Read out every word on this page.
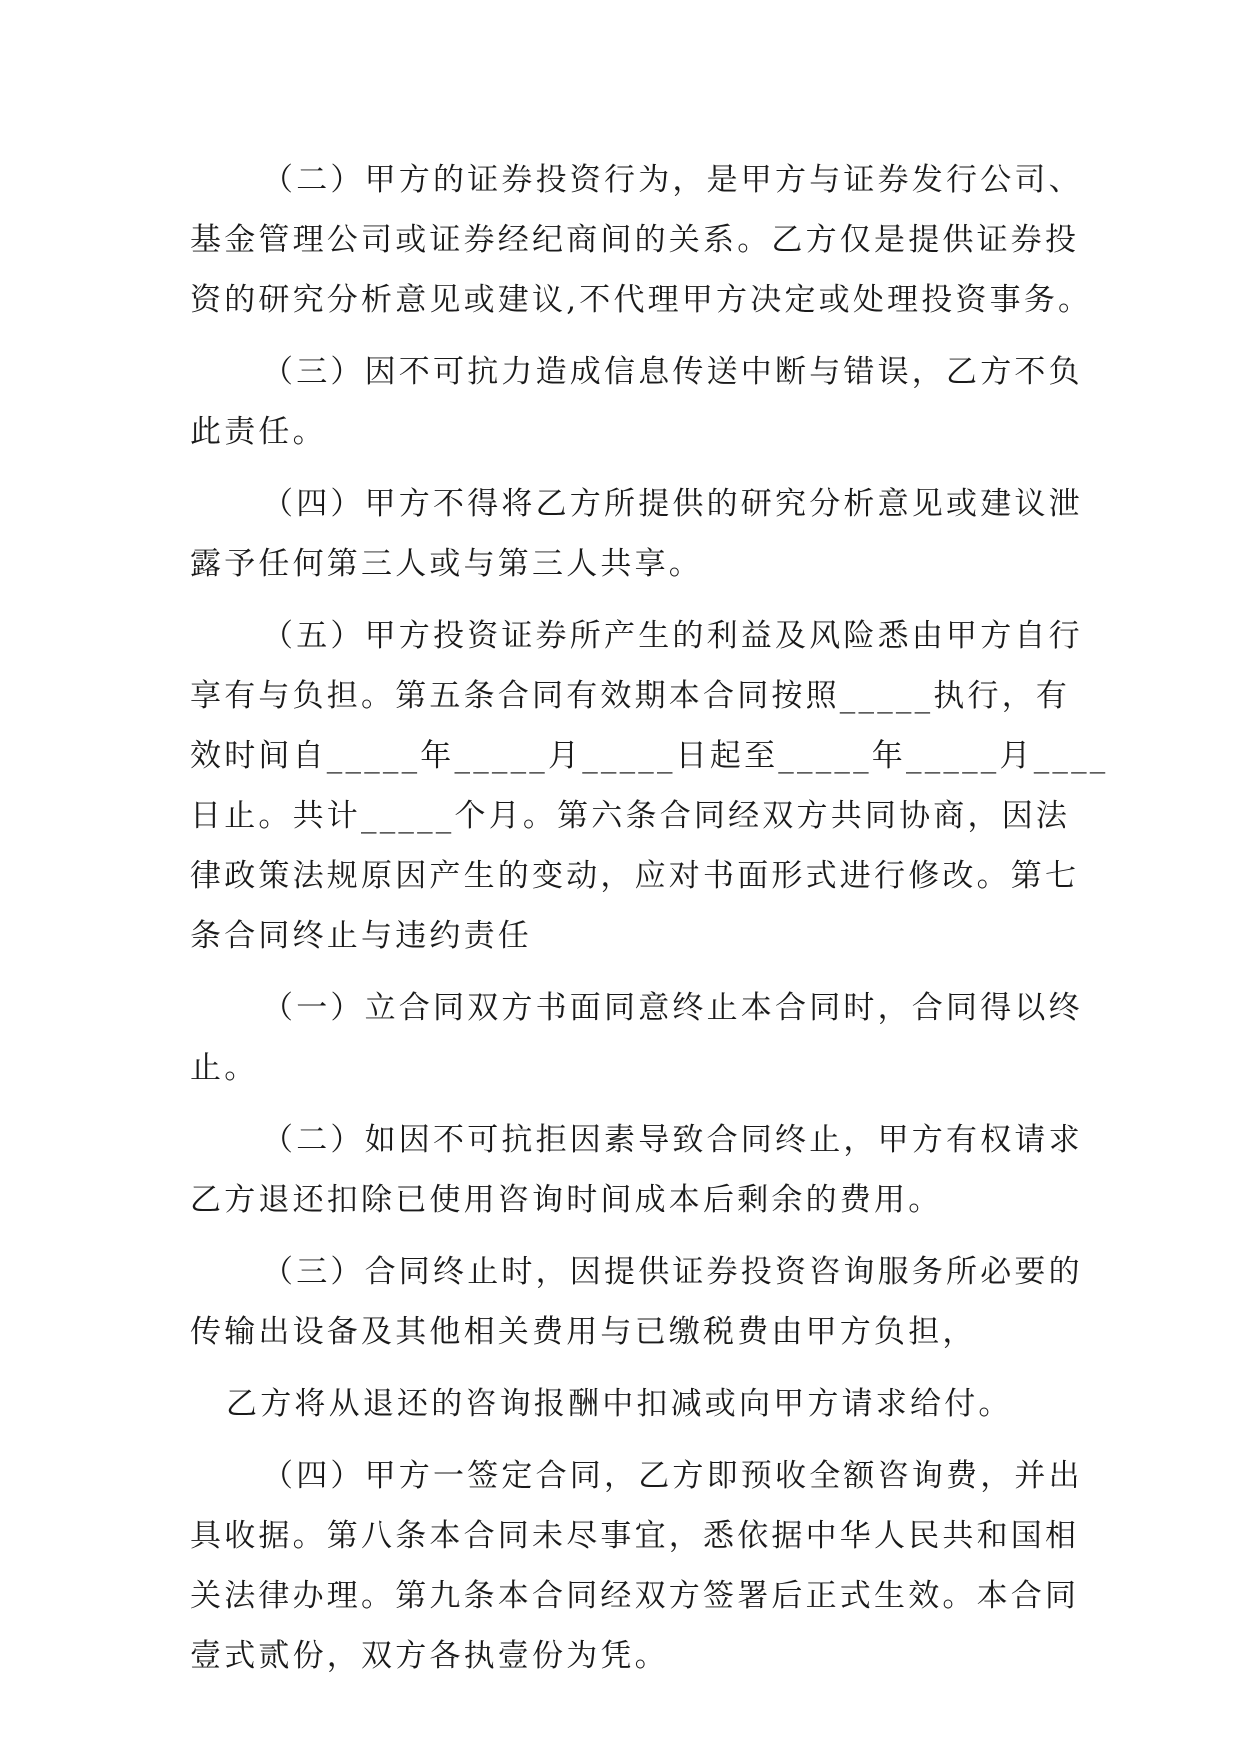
（二）甲方的证券投资行为，是甲方与证券发行公司、
基金管理公司或证券经纪商间的关系。乙方仅是提供证券投
资的研究分析意见或建议,不代理甲方决定或处理投资事务。
（三）因不可抗力造成信息传送中断与错误，乙方不负
此责任。
（四）甲方不得将乙方所提供的研究分析意见或建议泄
露予任何第三人或与第三人共享。
（五）甲方投资证券所产生的利益及风险悉由甲方自行
享有与负担。第五条合同有效期本合同按照_____执行，有
效时间自_____年_____月_____日起至_____年_____月____
日止。共计_____个月。第六条合同经双方共同协商，因法
律政策法规原因产生的变动，应对书面形式进行修改。第七
条合同终止与违约责任
（一）立合同双方书面同意终止本合同时，合同得以终
止。
（二）如因不可抗拒因素导致合同终止，甲方有权请求
乙方退还扣除已使用咨询时间成本后剩余的费用。
（三）合同终止时，因提供证券投资咨询服务所必要的
传输出设备及其他相关费用与已缴税费由甲方负担，
乙方将从退还的咨询报酬中扣减或向甲方请求给付。
（四）甲方一签定合同，乙方即预收全额咨询费，并出
具收据。第八条本合同未尽事宜，悉依据中华人民共和国相
关法律办理。第九条本合同经双方签署后正式生效。本合同
壹式贰份，双方各执壹份为凭。
